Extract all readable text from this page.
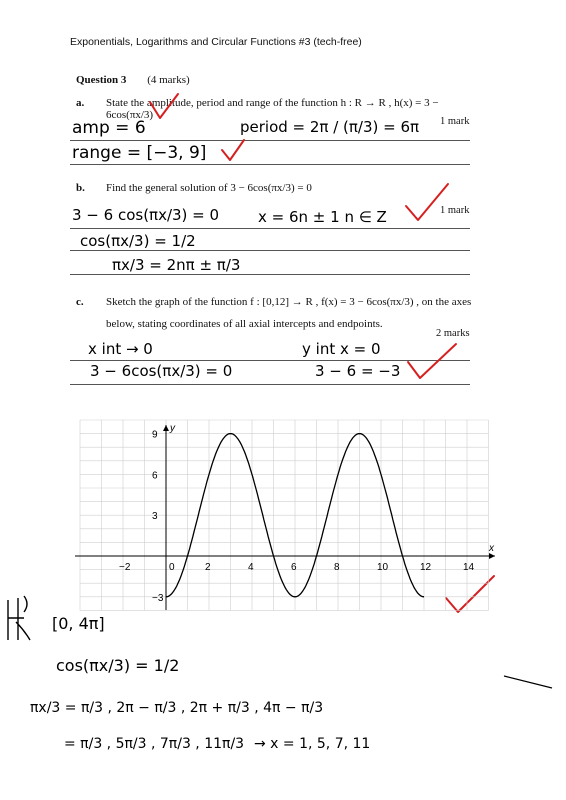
Exponentials, Logarithms and Circular Functions #3 (tech-free)
Question 3 (4 marks)
a. State the amplitude, period and range of the function h : R → R , h(x) = 3 − 6cos(πx/3)
1 mark
amp = 6	period = 2π / (π/3) = 6π
range = [−3, 9]
b. Find the general solution of 3 − 6cos(πx/3) = 0
1 mark
3 − 6 cos(πx/3) = 0
cos(πx/3) = 1/2
πx/3 = 2nπ ± π/3
x = 6n ± 1 n ∈ Z
c. Sketch the graph of the function f : [0,12] → R , f(x) = 3 − 6cos(πx/3) , on the axes
below, stating coordinates of all axial intercepts and endpoints.
2 marks
x int → 0
3 − 6cos(πx/3) = 0
y int x = 0
3 − 6 = −3
−2	0	2	4	6	8	10	12	14
9
6
3
−3
x
y
[0, 4π]
cos(πx/3) = 1/2
πx/3 = π/3 , 2π − π/3 , 2π + π/3 , 4π − π/3
= π/3 , 5π/3 , 7π/3 , 11π/3 → x = 1, 5, 7, 11
